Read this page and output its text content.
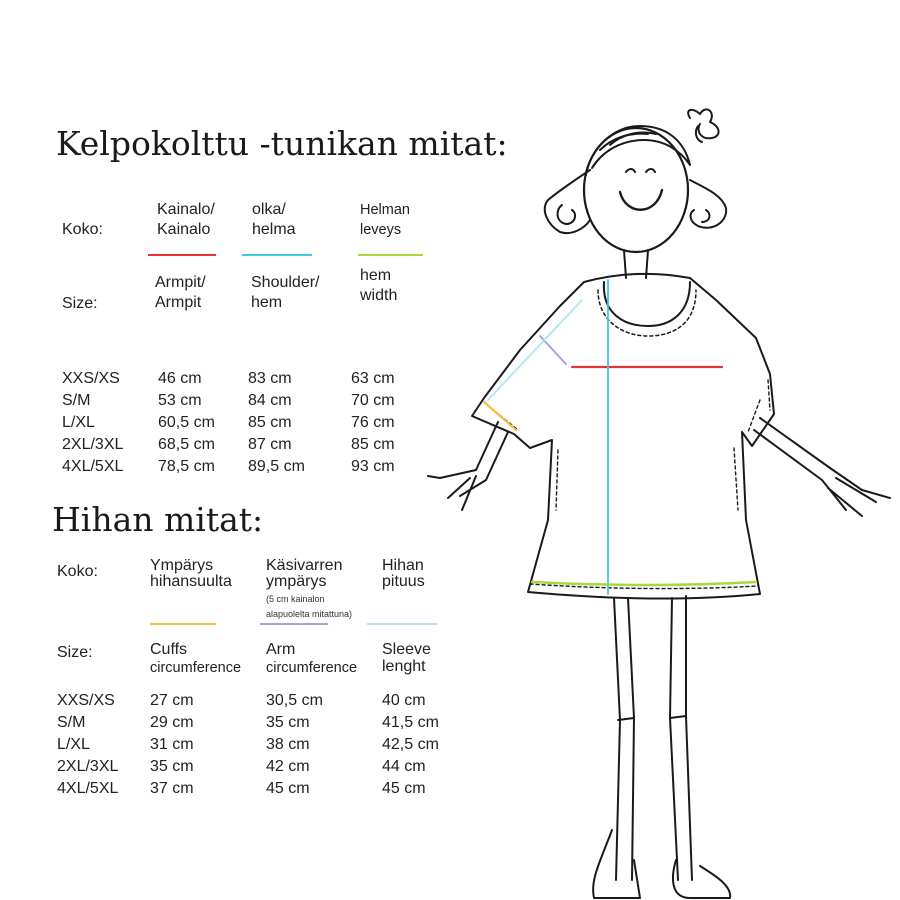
Kelpokolttu -tunikan mitat:
Koko:
Size:
Kainalo/
Kainalo
Armpit/
Armpit
olka/
helma
Shoulder/
hem
Helman
leveys
hem
width
XXS/XS
S/M
L/XL
2XL/3XL
4XL/5XL
46 cm
53 cm
60,5 cm
68,5 cm
78,5 cm
83 cm
84 cm
85 cm
87 cm
89,5 cm
63 cm
70 cm
76 cm
85 cm
93 cm
Hihan mitat:
Koko:
Size:
Ympärys
hihansuulta
Cuffs
circumference
Käsivarren
ympärys
(5 cm kainalon
alapuolelta mitattuna)
Arm
circumference
Hihan
pituus
Sleeve
lenght
XXS/XS
S/M
L/XL
2XL/3XL
4XL/5XL
27 cm
29 cm
31 cm
35 cm
37 cm
30,5 cm
35 cm
38 cm
42 cm
45 cm
40 cm
41,5 cm
42,5 cm
44 cm
45 cm
